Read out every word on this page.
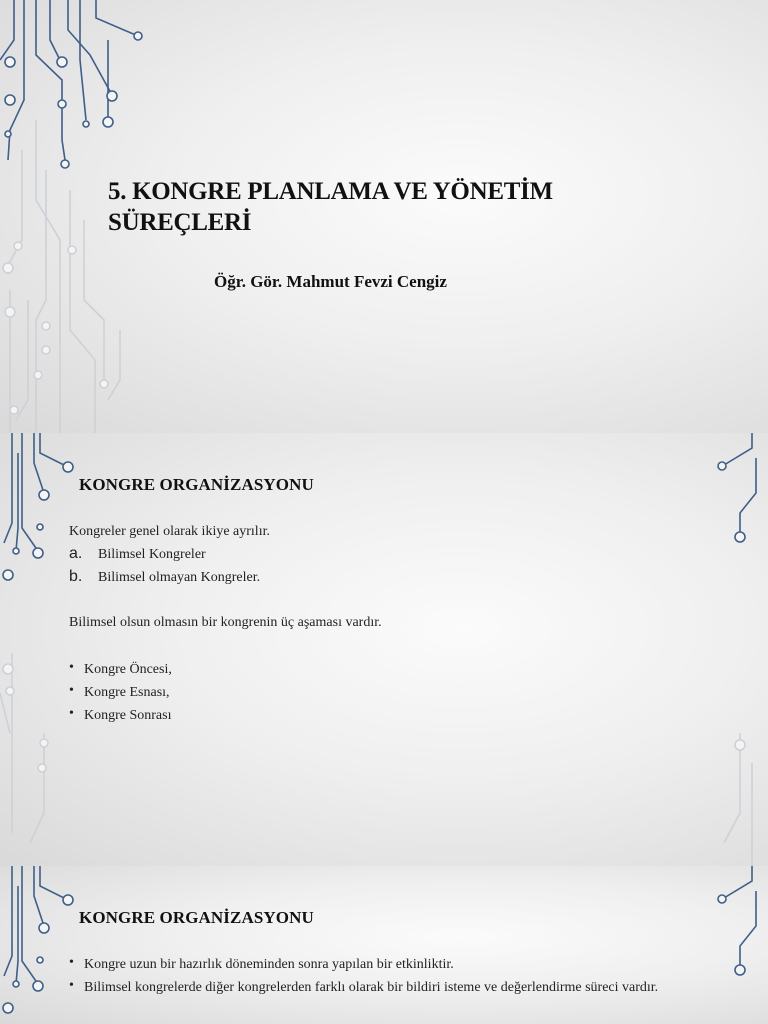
5. KONGRE PLANLAMA VE YÖNETİM SÜREÇLERİ
Öğr. Gör. Mahmut Fevzi Cengiz
KONGRE ORGANİZASYONU
Kongreler genel olarak ikiye ayrılır.
a. Bilimsel Kongreler
b. Bilimsel olmayan Kongreler.
Bilimsel olsun olmasın bir kongrenin üç aşaması vardır.
• Kongre Öncesi,
• Kongre Esnası,
• Kongre Sonrası
KONGRE ORGANİZASYONU
• Kongre uzun bir hazırlık döneminden sonra yapılan bir etkinliktir.
• Bilimsel kongrelerde diğer kongrelerden farklı olarak bir bildiri isteme ve değerlendirme süreci vardır.
